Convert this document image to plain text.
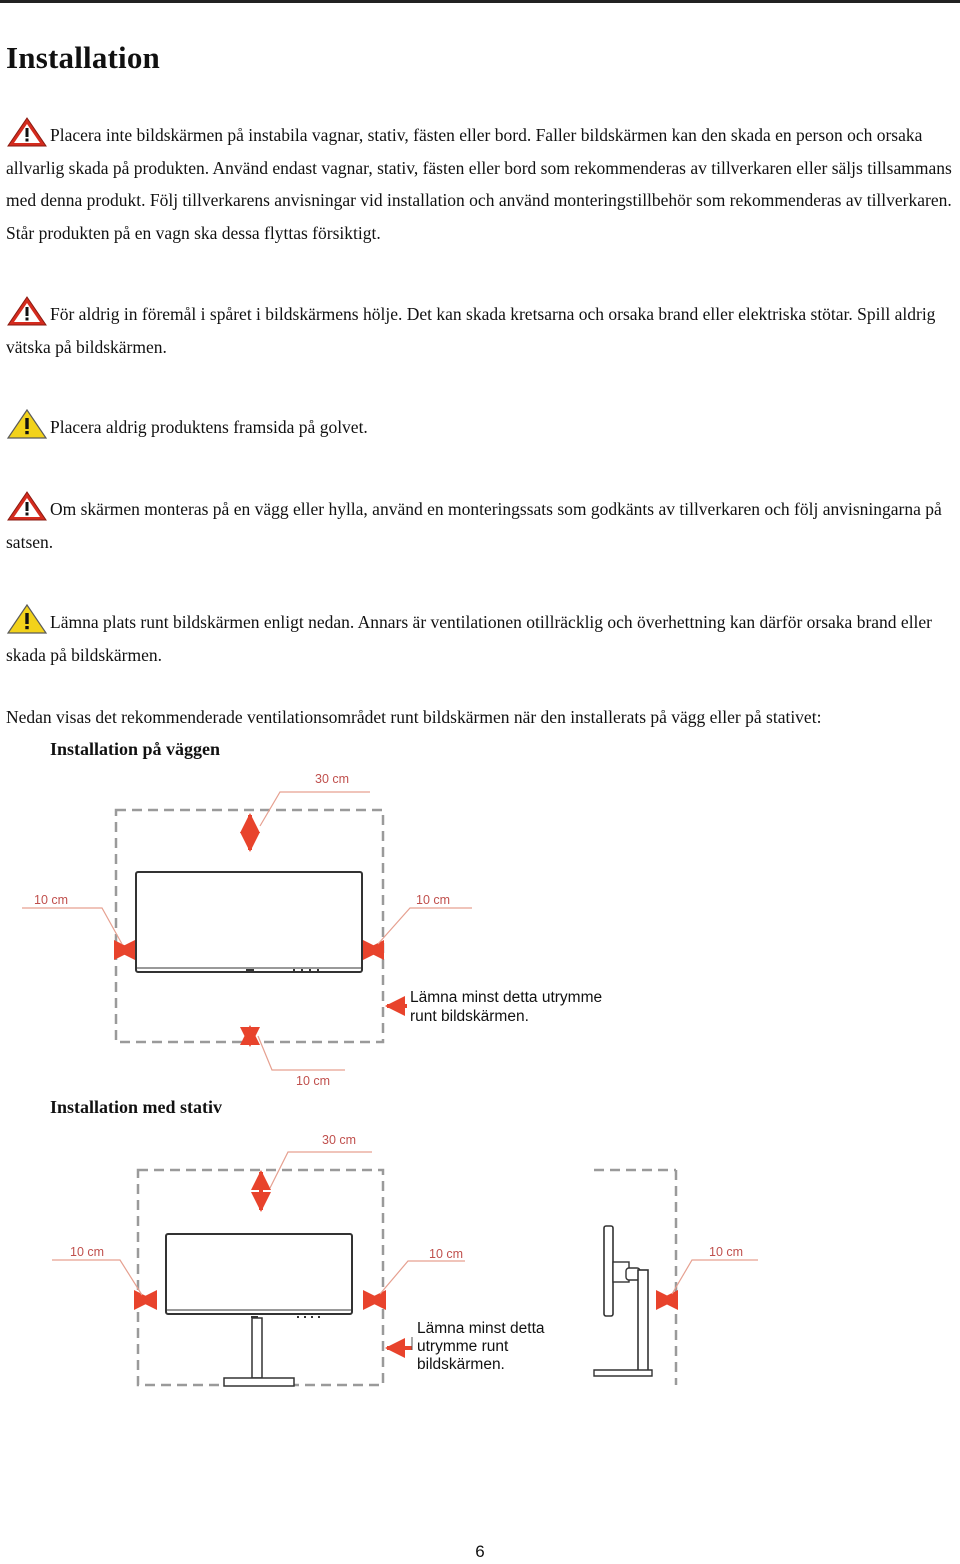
Installation

Placera inte bildskärmen på instabila vagnar, stativ, fästen eller bord. Faller bildskärmen kan den skada en person och orsaka allvarlig skada på produkten. Använd endast vagnar, stativ, fästen eller bord som rekommenderas av tillverkaren eller säljs tillsammans med denna produkt. Följ tillverkarens anvisningar vid installation och använd monteringstillbehör som rekommenderas av tillverkaren. Står produkten på en vagn ska dessa flyttas försiktigt.

För aldrig in föremål i spåret i bildskärmens hölje. Det kan skada kretsarna och orsaka brand eller elektriska stötar. Spill aldrig vätska på bildskärmen.

Placera aldrig produktens framsida på golvet.

Om skärmen monteras på en vägg eller hylla, använd en monteringssats som godkänts av tillverkaren och följ anvisningarna på satsen.

Lämna plats runt bildskärmen enligt nedan. Annars är ventilationen otillräcklig och överhettning kan därför orsaka brand eller skada på bildskärmen.

Nedan visas det rekommenderade ventilationsområdet runt bildskärmen när den installerats på vägg eller på stativet:

Installation på väggen

Installation med stativ

30 cm

10 cm	10 cm

10 cm

Lämna minst detta utrymme
runt bildskärmen.

30 cm

10 cm	10 cm	10 cm

Lämna minst detta
utrymme runt
bildskärmen.

6
